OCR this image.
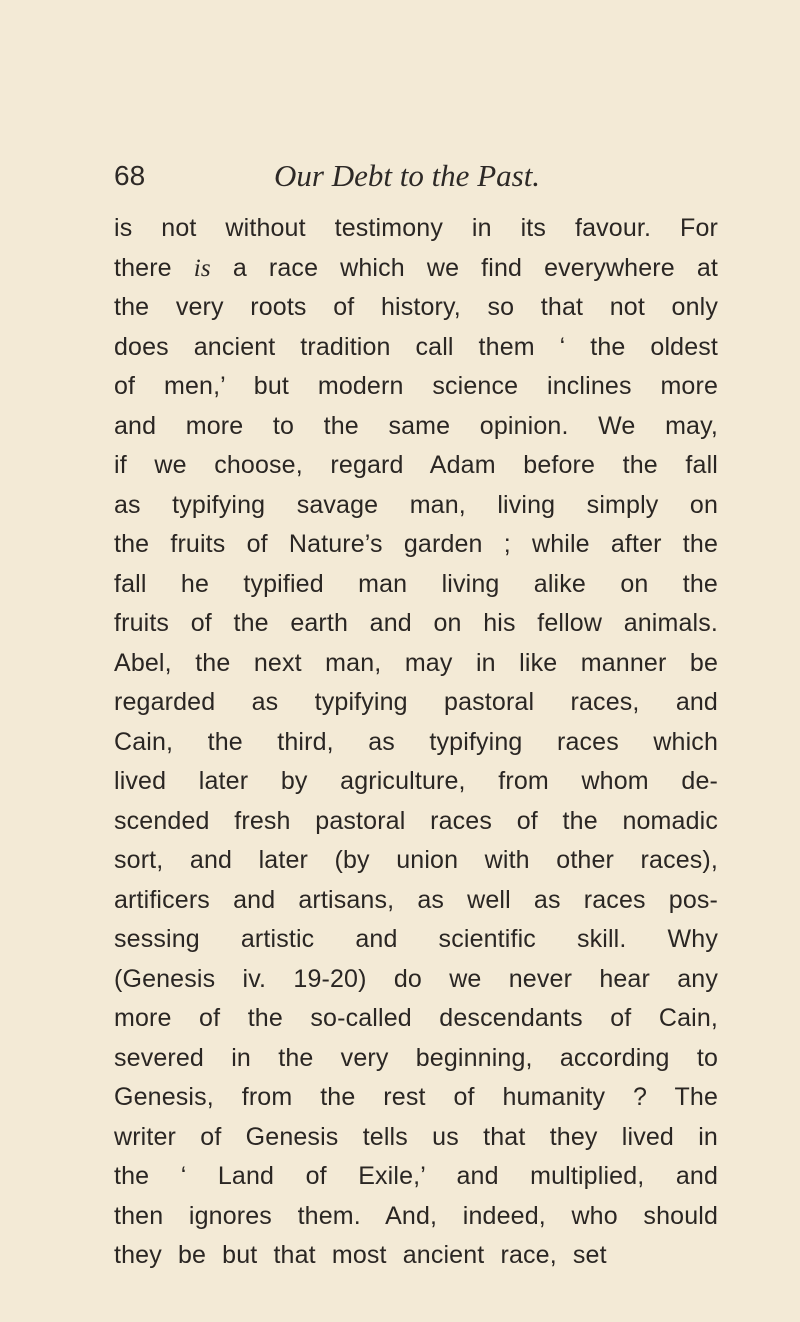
68	Our Debt to the Past.
is not without testimony in its favour. For
there is a race which we find everywhere at
the very roots of history, so that not only
does ancient tradition call them ‘ the oldest
of men,’ but modern science inclines more
and more to the same opinion. We may,
if we choose, regard Adam before the fall
as typifying savage man, living simply on
the fruits of Nature’s garden ; while after the
fall he typified man living alike on the
fruits of the earth and on his fellow animals.
Abel, the next man, may in like manner be
regarded as typifying pastoral races, and
Cain, the third, as typifying races which
lived later by agriculture, from whom de-
scended fresh pastoral races of the nomadic
sort, and later (by union with other races),
artificers and artisans, as well as races pos-
sessing artistic and scientific skill. Why
(Genesis iv. 19-20) do we never hear any
more of the so-called descendants of Cain,
severed in the very beginning, according to
Genesis, from the rest of humanity ? The
writer of Genesis tells us that they lived in
the ‘ Land of Exile,’ and multiplied, and
then ignores them. And, indeed, who should
they be but that most ancient race, set
